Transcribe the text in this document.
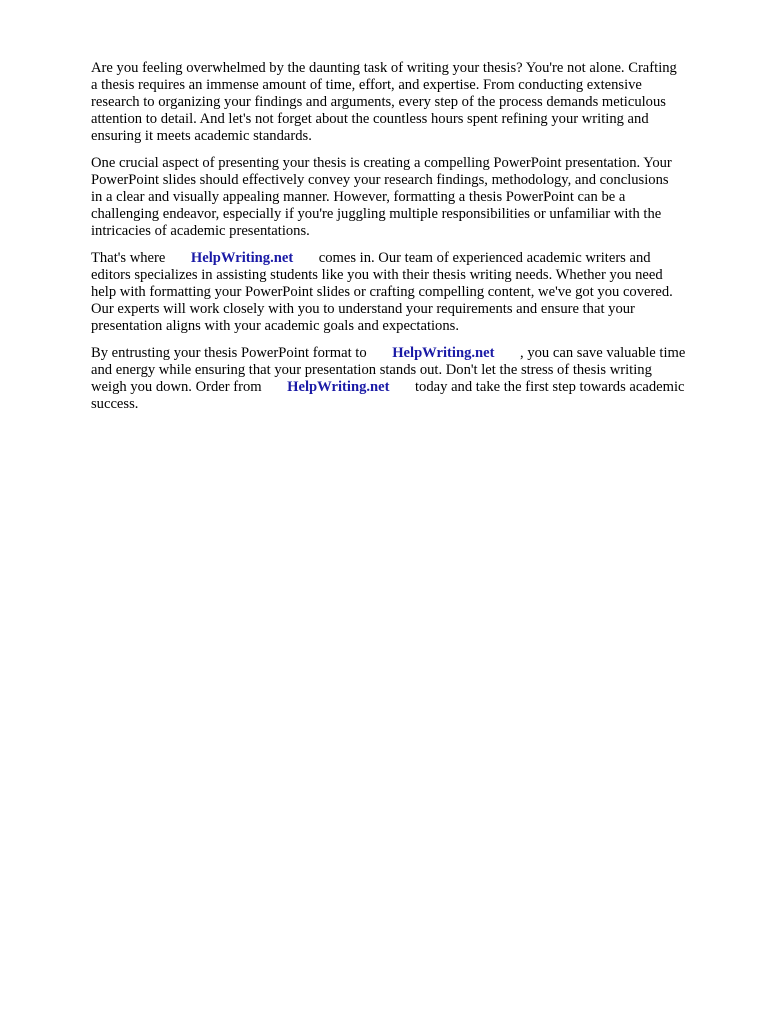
Are you feeling overwhelmed by the daunting task of writing your thesis? You're not alone. Crafting
a thesis requires an immense amount of time, effort, and expertise. From conducting extensive
research to organizing your findings and arguments, every step of the process demands meticulous
attention to detail. And let's not forget about the countless hours spent refining your writing and
ensuring it meets academic standards.

One crucial aspect of presenting your thesis is creating a compelling PowerPoint presentation. Your
PowerPoint slides should effectively convey your research findings, methodology, and conclusions
in a clear and visually appealing manner. However, formatting a thesis PowerPoint can be a
challenging endeavor, especially if you're juggling multiple responsibilities or unfamiliar with the
intricacies of academic presentations.

That's where       HelpWriting.net       comes in. Our team of experienced academic writers and
editors specializes in assisting students like you with their thesis writing needs. Whether you need
help with formatting your PowerPoint slides or crafting compelling content, we've got you covered.
Our experts will work closely with you to understand your requirements and ensure that your
presentation aligns with your academic goals and expectations.

By entrusting your thesis PowerPoint format to       HelpWriting.net       , you can save valuable time
and energy while ensuring that your presentation stands out. Don't let the stress of thesis writing
weigh you down. Order from       HelpWriting.net       today and take the first step towards academic
success.
